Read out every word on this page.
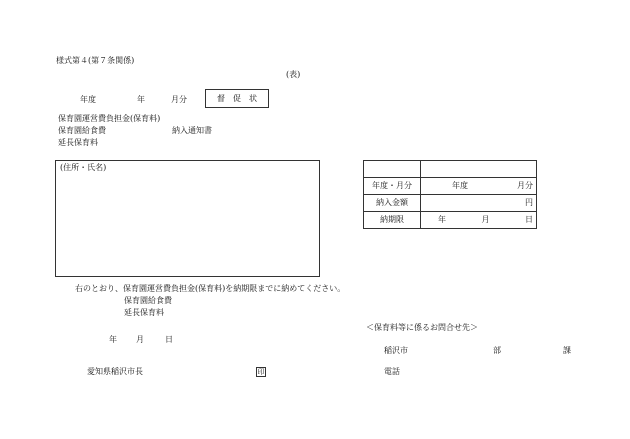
様式第４(第７条関係)
(表)
年度	年	月分	督　促　状
保育園運営費負担金(保育料)
保育園給食費	納入通知書
延長保育料
(住所・氏名)

年度・月分	年度 月分

納入金額	円
納期限	年 月 日
右のとおり、保育園運営費負担金(保育料)を納期限までに納めてください。
保育園給食費
延長保育料
年 月	日
愛知県稲沢市長	印
＜保育料等に係るお問合せ先＞
稲沢市	部	課
電話
